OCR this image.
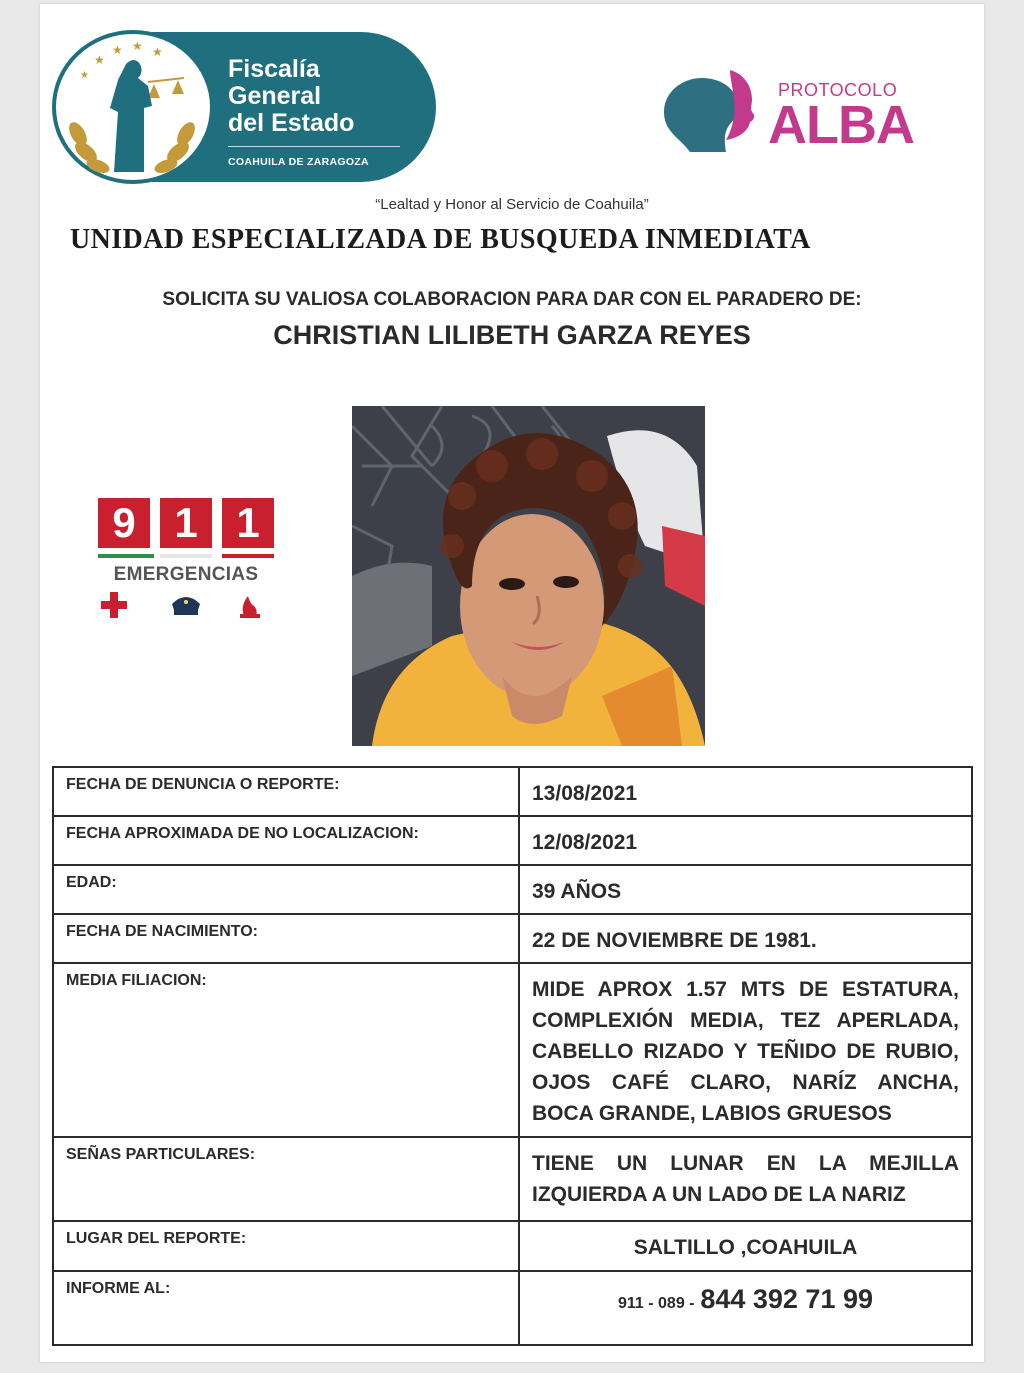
★
★ ★ ★
★	Fiscalía
General
del Estado
COAHUILA DE ZARAGOZA
PROTOCOLO
ALBA
“Lealtad y Honor al Servicio de Coahuila”
UNIDAD ESPECIALIZADA DE BUSQUEDA INMEDIATA
SOLICITA SU VALIOSA COLABORACION PARA DAR CON EL PARADERO DE:
CHRISTIAN LILIBETH GARZA REYES
9 1 1
EMERGENCIAS
FECHA DE DENUNCIA O REPORTE:	13/08/2021
FECHA APROXIMADA DE NO LOCALIZACION:	12/08/2021
EDAD:	39 AÑOS
FECHA DE NACIMIENTO:	22 DE NOVIEMBRE DE 1981.
MEDIA FILIACION:	MIDE APROX 1.57 MTS DE ESTATURA, COMPLEXIÓN MEDIA, TEZ APERLADA, CABELLO RIZADO Y TEÑIDO DE RUBIO, OJOS CAFÉ CLARO, NARÍZ ANCHA, BOCA GRANDE, LABIOS GRUESOS
SEÑAS PARTICULARES:	TIENE UN LUNAR EN LA MEJILLA IZQUIERDA A UN LADO DE LA NARIZ
LUGAR DEL REPORTE:	SALTILLO ,COAHUILA
INFORME AL:	911 - 089 - 844 392 71 99
